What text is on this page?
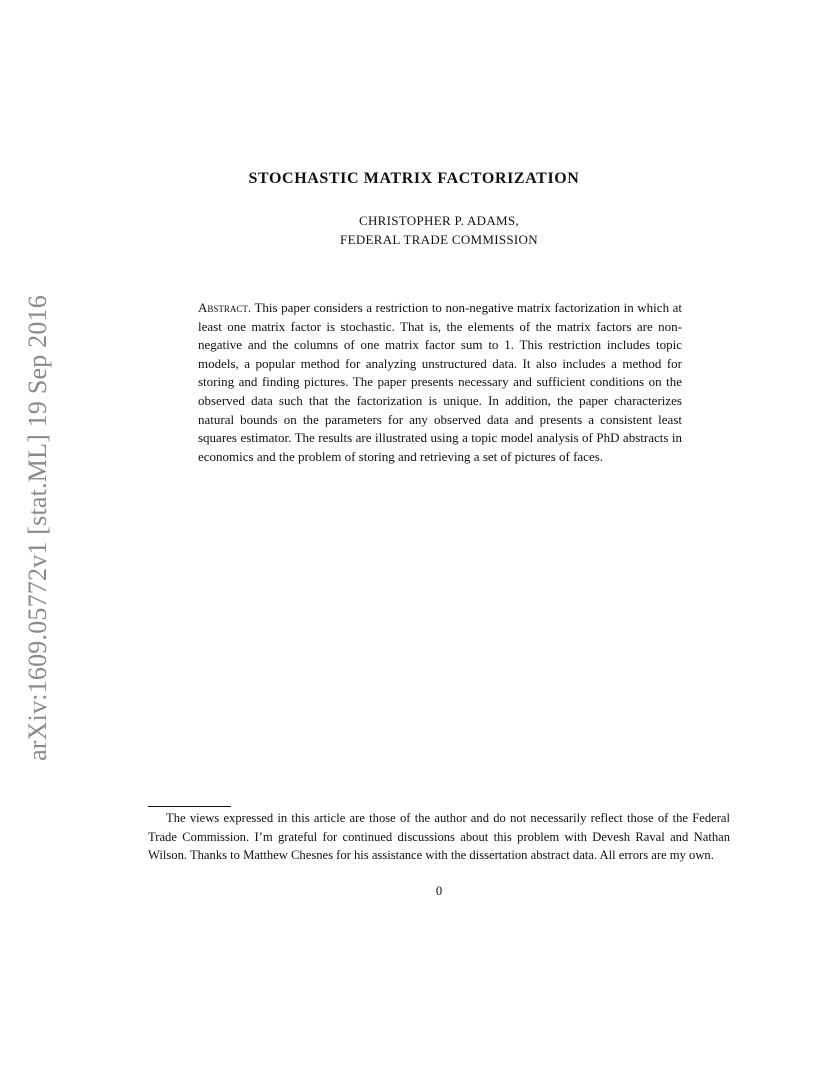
arXiv:1609.05772v1 [stat.ML] 19 Sep 2016
STOCHASTIC MATRIX FACTORIZATION
CHRISTOPHER P. ADAMS,
FEDERAL TRADE COMMISSION
Abstract. This paper considers a restriction to non-negative matrix factorization in which at least one matrix factor is stochastic. That is, the elements of the matrix factors are non-negative and the columns of one matrix factor sum to 1. This restriction includes topic models, a popular method for analyzing unstructured data. It also includes a method for storing and finding pictures. The paper presents necessary and sufficient conditions on the observed data such that the factorization is unique. In addition, the paper characterizes natural bounds on the parameters for any observed data and presents a consistent least squares estimator. The results are illustrated using a topic model analysis of PhD abstracts in economics and the problem of storing and retrieving a set of pictures of faces.
The views expressed in this article are those of the author and do not necessarily reflect those of the Federal Trade Commission. I’m grateful for continued discussions about this problem with Devesh Raval and Nathan Wilson. Thanks to Matthew Chesnes for his assistance with the dissertation abstract data. All errors are my own.
0
